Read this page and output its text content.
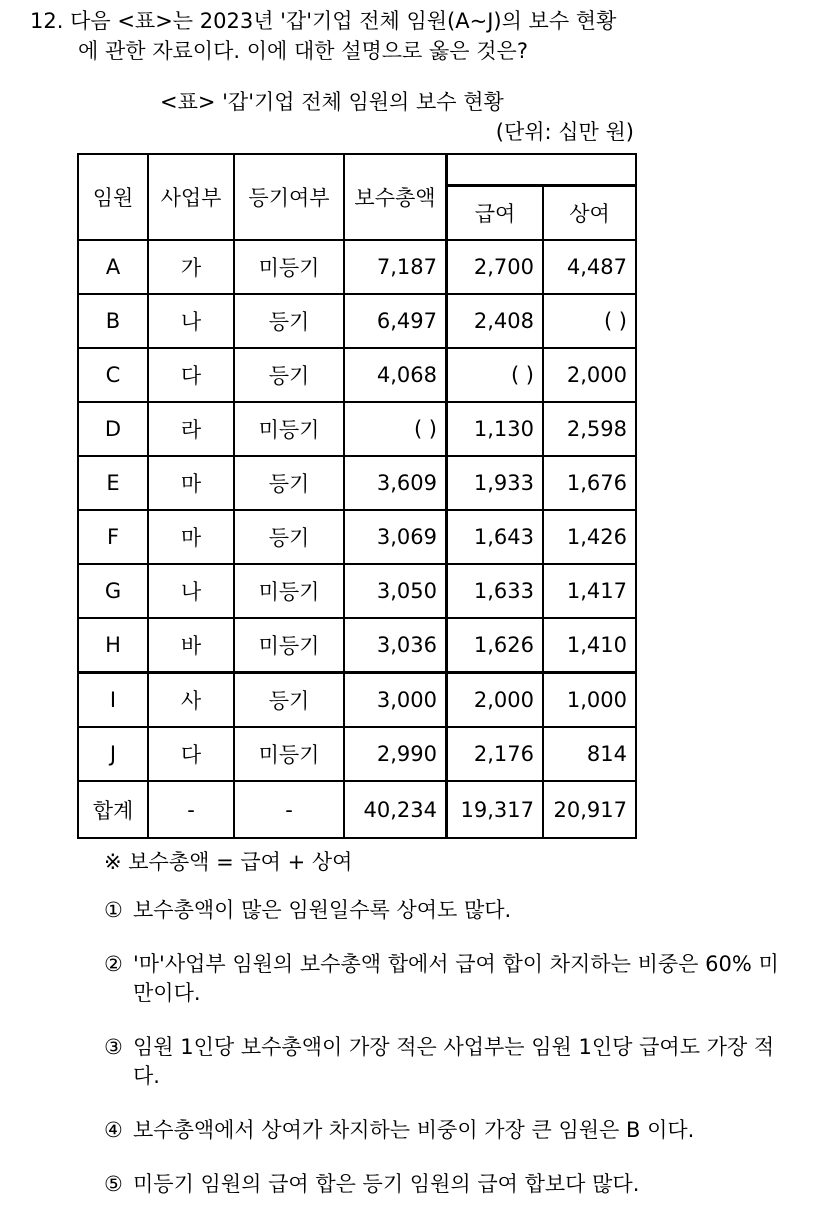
12. 다음 <표>는 2023년 '갑'기업 전체 임원(A~J)의 보수 현황
에 관한 자료이다. 이에 대한 설명으로 옳은 것은?
<표> '갑'기업 전체 임원의 보수 현황
(단위: 십만 원)
임원	사업부	등기여부	보수총액		
				급여	상여
A	가	미등기	7,187	2,700	4,487
B	나	등기	6,497	2,408	( )
C	다	등기	4,068	( )	2,000
D	라	미등기	( )	1,130	2,598
E	마	등기	3,609	1,933	1,676
F	마	등기	3,069	1,643	1,426
G	나	미등기	3,050	1,633	1,417
H	바	미등기	3,036	1,626	1,410
I	사	등기	3,000	2,000	1,000
J	다	미등기	2,990	2,176	814
합계	-	-	40,234	19,317	20,917
※ 보수총액 = 급여 + 상여
① 보수총액이 많은 임원일수록 상여도 많다.
② '마'사업부 임원의 보수총액 합에서 급여 합이 차지하는 비중은 60% 미만이다.
③ 임원 1인당 보수총액이 가장 적은 사업부는 임원 1인당 급여도 가장 적다.
④ 보수총액에서 상여가 차지하는 비중이 가장 큰 임원은 B 이다.
⑤ 미등기 임원의 급여 합은 등기 임원의 급여 합보다 많다.
